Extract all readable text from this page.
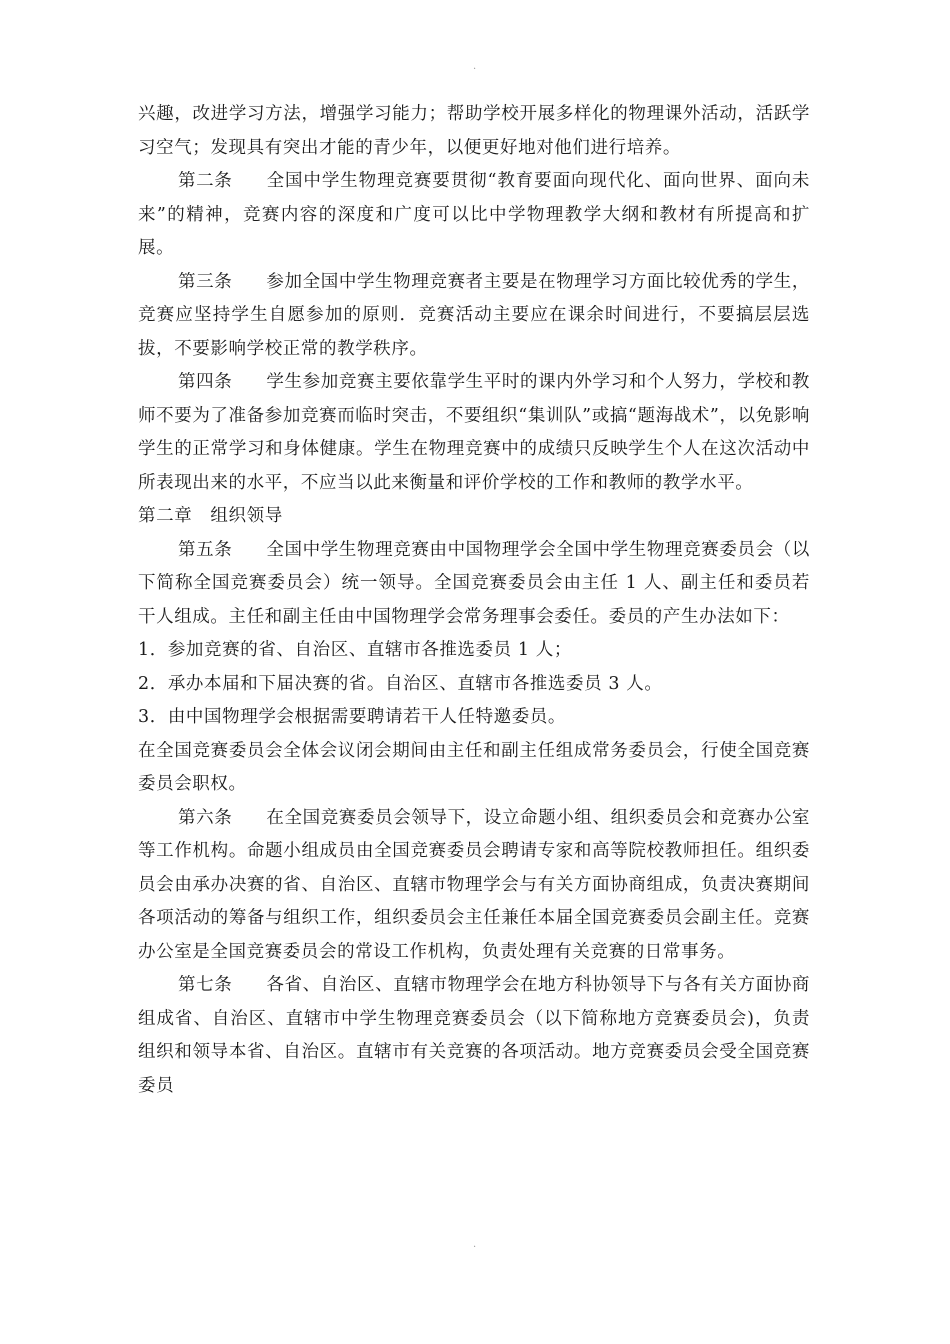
.

兴趣，改进学习方法，增强学习能力；帮助学校开展多样化的物理课外活动，活跃学习空气；发现具有突出才能的青少年，以便更好地对他们进行培养。

第二条 全国中学生物理竞赛要贯彻“教育要面向现代化、面向世界、面向未来”的精神，竞赛内容的深度和广度可以比中学物理教学大纲和教材有所提高和扩展。

第三条 参加全国中学生物理竞赛者主要是在物理学习方面比较优秀的学生，竞赛应坚持学生自愿参加的原则．竞赛活动主要应在课余时间进行，不要搞层层选拔，不要影响学校正常的教学秩序。

第四条 学生参加竞赛主要依靠学生平时的课内外学习和个人努力，学校和教师不要为了准备参加竞赛而临时突击，不要组织“集训队”或搞“题海战术”，以免影响学生的正常学习和身体健康。学生在物理竞赛中的成绩只反映学生个人在这次活动中所表现出来的水平，不应当以此来衡量和评价学校的工作和教师的教学水平。

第二章　组织领导

第五条 全国中学生物理竞赛由中国物理学会全国中学生物理竞赛委员会（以下简称全国竞赛委员会）统一领导。全国竞赛委员会由主任 1 人、副主任和委员若干人组成。主任和副主任由中国物理学会常务理事会委任。委员的产生办法如下：

1．参加竞赛的省、自治区、直辖市各推选委员 1 人；

2．承办本届和下届决赛的省。自治区、直辖市各推选委员 3 人。

3．由中国物理学会根据需要聘请若干人任特邀委员。

在全国竞赛委员会全体会议闭会期间由主任和副主任组成常务委员会，行使全国竞赛委员会职权。

第六条 在全国竞赛委员会领导下，设立命题小组、组织委员会和竞赛办公室等工作机构。命题小组成员由全国竞赛委员会聘请专家和高等院校教师担任。组织委员会由承办决赛的省、自治区、直辖市物理学会与有关方面协商组成，负责决赛期间各项活动的筹备与组织工作，组织委员会主任兼任本届全国竞赛委员会副主任。竞赛办公室是全国竞赛委员会的常设工作机构，负责处理有关竞赛的日常事务。

第七条 各省、自治区、直辖市物理学会在地方科协领导下与各有关方面协商组成省、自治区、直辖市中学生物理竞赛委员会（以下简称地方竞赛委员会)，负责组织和领导本省、自治区。直辖市有关竞赛的各项活动。地方竞赛委员会受全国竞赛委员

.
